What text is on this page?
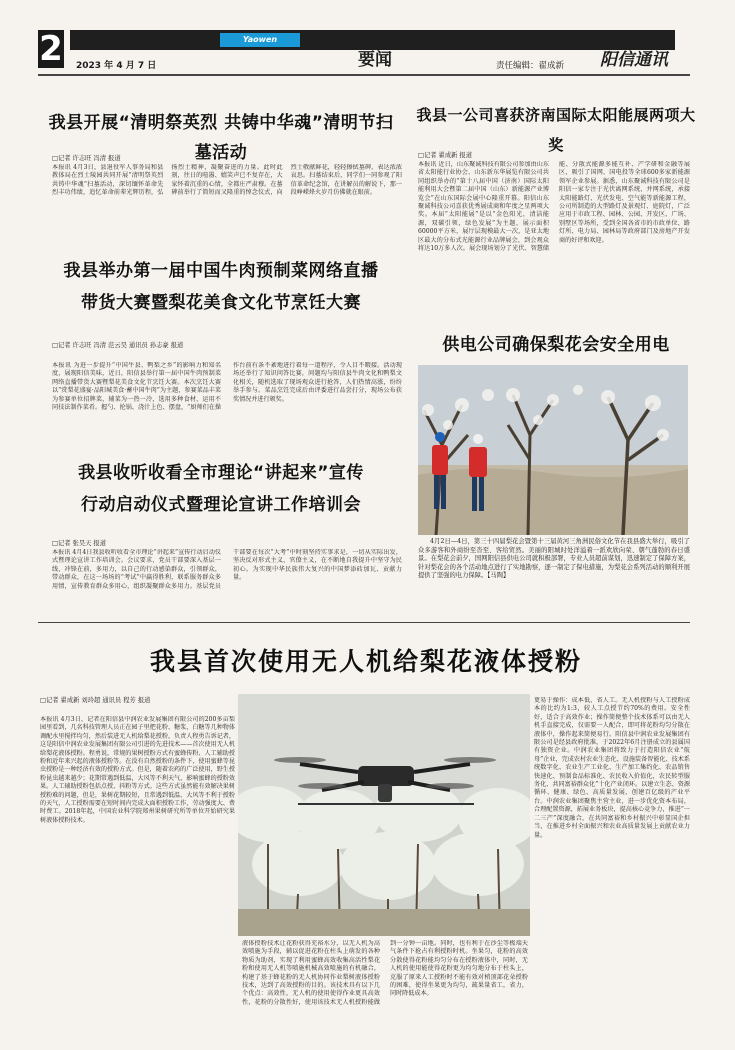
2	Yaowen
要闻
2023 年 4 月 7 日	责任编辑：翟成新	阳信通讯
我县开展“清明祭英烈 共铸中华魂”清明节扫墓活动
□记者 许志旺 冯清 报道
本报讯 4月3日，县退役军人事务局和县教体局在烈士陵园共同开展“清明祭英烈 共铸中华魂”扫墓活动，深切缅怀革命先烈丰功伟绩，追忆革命前辈光辉历程，弘扬烈士精神，凝聚奋进的力量。此时此刻，往日的喧嚣、嬉笑声已不复存在，大家怀着沉重的心情，全都庄严肃穆。在墓碑前举行了简短而又隆重的悼念仪式，向烈士敬献鲜花，轻轻擦拭墓碑，表达浓浓哀思。扫墓结束后，同学们一同参观了阳信革命纪念馆，在讲解员的解说下，那一段峥嵘烽火岁月仿佛就在眼前。
我县举办第一届中国牛肉预制菜网络直播
带货大赛暨梨花美食文化节烹饪大赛
□记者 许志旺 冯清 范云昊 通讯员 孙志豪 报道
本报讯 为进一步提升“中国牛县、鸭梨之乡”的影响力和知名度，展现阳信美味，近日，阳信县举行第一届中国牛肉预制菜网络直播带货大赛暨梨花美食文化节烹饪大赛。本次烹饪大赛以“赏梨花盛宴·品阳城美食·蓄中国牛肉”为主题，参赛菜品丰菜为参赛单位招牌菜，辅菜为一热一冷，选用多种食材，运用不同技法制作菜肴。握勺、抡锅、浇汁上色、摆盘，“厨师们在操作台前有条不紊地进行着每一道程序，令人目不暇接。活动现场还举行了知识问答比赛，问题均与阳信县牛肉文化和鸭梨文化相关，随机选取了现场观众进行抢答，人们热情高涨，纷纷举手参与。菜品烹饪完成后由评委进行品尝打分，现场公布获奖情况并进行颁奖。
我县收听收看全市理论“讲起来”宣传
行动启动仪式暨理论宣讲工作培训会
□记者 张昊天 报道
本报讯 4月4日我县收听收看全市理论“讲起来”宣传行动启动仪式暨理论宣讲工作培训会。会议要求，党员干部要深入基层一线，冲锋在前，多用力，以自己的行动感染群众，引领群众，带动群众，在这一场场的“考试”中赢得胜利，联系服务群众多用情，宣传教育群众多用心，组织凝聚群众多用力。基层党员干部要在每次“大考”中时刻坚持实事求是，一切从实际出发，坚决反对形式主义、官僚主义，在不断地自我提升中坚守为民初心。为实现中华民族伟大复兴的中国梦添砖加瓦、贡献力量。
我县一公司喜获济南国际太阳能展两项大奖
□记者 翟成新 报道
本报讯 近日，山东聚诚科技有限公司参加由山东省太阳能行业协会、山东新东华展览有限公司共同组织举办的“第十八届中国（济南）国际太阳能利用大会暨第二届中国（山东）新能源产业博览会”在山东国际会展中心隆重开幕。阳信山东聚诚科技公司喜获优秀展成商和年度之星两项大奖。本届“太阳能展”是以“金色阳光，清洁能源，双碳引领，绿色发展”为主题，展示面积60000平方米，展厅层现模最大一次，是亚太地区最大的分布式光能源行业品牌展会，到会观众将达10万多人次。展会现场划分了光伏、智慧储能、分散式能源多能互补、产学研和金融等展区，吸引了国网、国电投等全球600多家新能源领军企业参展。据悉，山东聚诚科技有限公司是阳信一家专注于光伏离网系统、并网系统，承接太阳能路灯、光伏发电、空气能等新能源工程，公司所制造的大型路灯及景观灯、庭院灯，广泛应用于市政工程、园林、公园、开发区、广场、别墅区等场所，受到全国各省市的市政单位、路灯所、电力局、园林局等政府部门及房地产开发商的好评和欢迎。
供电公司确保梨花会安全用电
4月2日—4日，第三十四届梨花会暨第十三届黄河三角洲民俗文化节在我县盛大举行，吸引了众多游客和外商纷至沓至、客给贸然。美丽的阳城时处洋溢着一派欢欣向荣、朝气蓬勃的春日盛景。在梨花会前夕，国网阳信县供电公司就积极部署，专业人员超前谋划，迅速制定了保障方案，针对梨花会的各个活动地点进行了实地勘察，逐一制定了保电措施，为梨花会系列活动的顺利开展提供了坚强的电力保障。【马陶】
我县首次使用无人机给梨花液体授粉
□记者 翟成新 刘玲超 通讯员 程芳 报道
本报讯 4月3日，记者在阳信县中润农业发展集团有限公司的200多亩梨园里看到，几名科技管理人员正在园子里把花粉、糖浆、白糖等几种物体调配水里搅拌均匀，然后装进无人机给梨花授粉，负责人程勇告诉记者，这是阳信中润农业发展集团有限公司引进的先进技术——首次使用无人机给梨花液体授粉。程勇说，常规的果树授粉方式有蜜蜂传粉、人工辅助授粉和近年来兴起的液体授粉等。在没有自然授粉的条件下，使用蜜蜂等昆虫授粉是一种经济有效的授粉方式。但是，随着农药的广泛使用，野生授粉昆虫越来越少；花期常遇到低温，大风等不利天气，影响蜜蜂的授粉效果。人工辅助授粉包括点授、抖粉等方式。这些方式虽然能有效解决果树授粉难的问题，但是，果树花期较短，且常遇到低温、大风等不利于授粉的天气，人工授粉需要在短时间内完成大面积授粉工作，劳动强度大、费时费工。2018年起，中国农业科学院郑州果树研究所等单位开始研究果树液体授粉技术。
液体授粉技术让花粉获得充裕水分，以无人机为高效喷施为手段，辅以促进花粉在柱头上萌发的各种物质为助剂，实现了利用蜜蜂高效收集高活性梨花粉和使用无人机等喷施机械高效喷施的有机融合，构建了基于蜂花粉的无人机协同作业梨树液体授粉技术，达到了高效授粉的目的。该技术具有以下几个优点：高效性，无人机的使用使得作业更具高效性，花粉的分散性好，使用该技术无人机授粉能做到一分钟一亩地。同时，也有利于在沙尘等极端天气条件下抢占有利授粉时机。坐果匀，花粉的高效分散使得花粉能均匀分布在授粉液体中，同时，无人机的使用能使得花粉更为均匀地分布于柱头上，克服了原来人工授粉时不能有效对梢顶部花朵授粉的困难，使得坐果更为均匀，疏果量省工，省力，同时降低成本。
更易于操作：成本低、省人工。无人机授粉与人工授粉成本的比约为1:3，较人工点授节约70%的费用。安全性好，适合于高效作业；操作简便整个技术体系可以由无人机手直接完成，仅需要一人配合，即可将花粉均匀分散在液体中，操作起来简便易行。阳信县中润农业发展集团有限公司是经县政府批准，于2022年6月注册成立的县属国有独资企业。中润农业集团将致力于打造阳信农业“航母”企业，完成农村农业生态化、设施装备智能化、技术系统数字化、农业生产工业化、生产加工集约化、农品销售快速化、预制食品标准化、农民收入价值化，农民转型服务化、共同富裕群众化”十化产业闭环。以建立生态、资源循环、健康、绿色、高质量发展、创建百亿级的产业平台。中润农业集团聚焦主营主业，进一步优化资本布局，合理配置资源，拓展业务板块，提高核心竞争力，推进“一二三产”深度融合，在共同富裕和乡村振兴中彰显国企担当，在推进乡村全面振兴和农业高质量发展上贡献农业力量。
